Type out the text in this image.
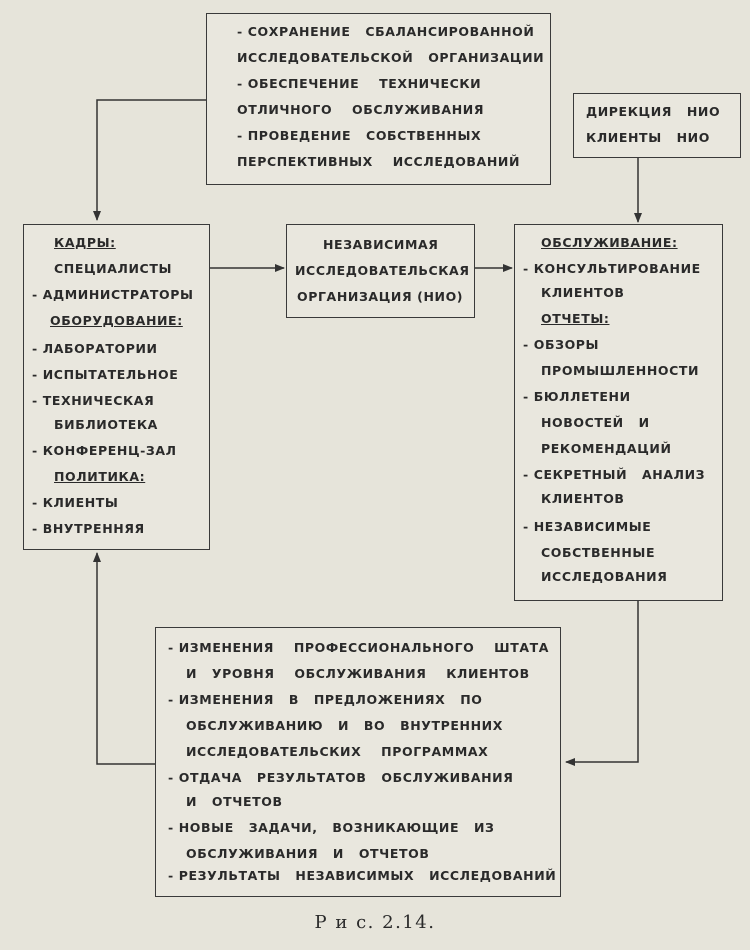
- СОХРАНЕНИЕ   СБАЛАНСИРОВАННОЙ
ИССЛЕДОВАТЕЛЬСКОЙ   ОРГАНИЗАЦИИ
- ОБЕСПЕЧЕНИЕ    ТЕХНИЧЕСКИ
ОТЛИЧНОГО    ОБСЛУЖИВАНИЯ
- ПРОВЕДЕНИЕ   СОБСТВЕННЫХ
ПЕРСПЕКТИВНЫХ    ИССЛЕДОВАНИЙ
ДИРЕКЦИЯ   НИО
КЛИЕНТЫ   НИО
КАДРЫ:
СПЕЦИАЛИСТЫ
- АДМИНИСТРАТОРЫ
ОБОРУДОВАНИЕ:
- ЛАБОРАТОРИИ
- ИСПЫТАТЕЛЬНОЕ
- ТЕХНИЧЕСКАЯ
БИБЛИОТЕКА
- КОНФЕРЕНЦ-ЗАЛ
ПОЛИТИКА:
- КЛИЕНТЫ
- ВНУТРЕННЯЯ
НЕЗАВИСИМАЯ
ИССЛЕДОВАТЕЛЬСКАЯ
ОРГАНИЗАЦИЯ (НИО)
ОБСЛУЖИВАНИЕ:
- КОНСУЛЬТИРОВАНИЕ
КЛИЕНТОВ
ОТЧЕТЫ:
- ОБЗОРЫ
ПРОМЫШЛЕННОСТИ
- БЮЛЛЕТЕНИ
НОВОСТЕЙ   И
РЕКОМЕНДАЦИЙ
- СЕКРЕТНЫЙ   АНАЛИЗ
КЛИЕНТОВ
- НЕЗАВИСИМЫЕ
СОБСТВЕННЫЕ
ИССЛЕДОВАНИЯ
- ИЗМЕНЕНИЯ    ПРОФЕССИОНАЛЬНОГО    ШТАТА
И   УРОВНЯ    ОБСЛУЖИВАНИЯ    КЛИЕНТОВ
- ИЗМЕНЕНИЯ   В   ПРЕДЛОЖЕНИЯХ   ПО
ОБСЛУЖИВАНИЮ   И   ВО   ВНУТРЕННИХ
ИССЛЕДОВАТЕЛЬСКИХ    ПРОГРАММАХ
- ОТДАЧА   РЕЗУЛЬТАТОВ   ОБСЛУЖИВАНИЯ
И   ОТЧЕТОВ
- НОВЫЕ   ЗАДАЧИ,   ВОЗНИКАЮЩИЕ   ИЗ
ОБСЛУЖИВАНИЯ   И   ОТЧЕТОВ
- РЕЗУЛЬТАТЫ   НЕЗАВИСИМЫХ   ИССЛЕДОВАНИЙ
Р и с. 2.14.
